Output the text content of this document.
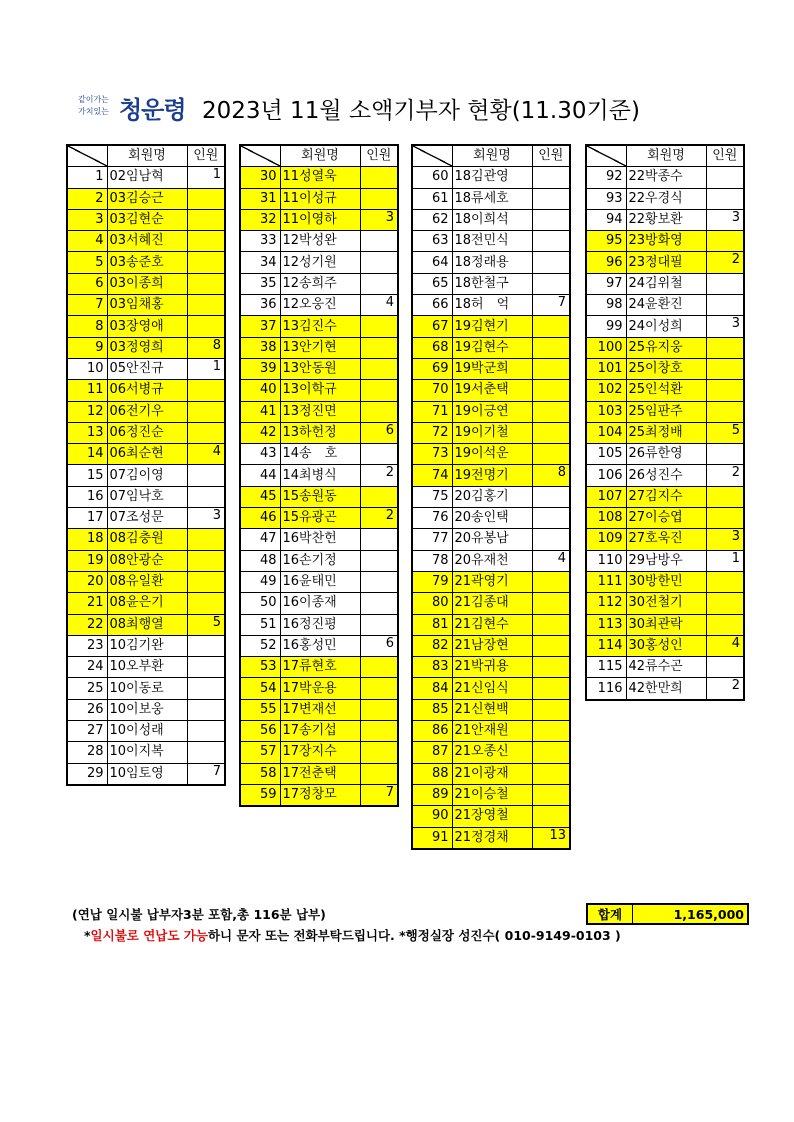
같이가는
가치있는 청운령 2023년 11월 소액기부자 현황(11.30기준)
	회원명	인원
1	02임남혁	1
2	03김승근	
3	03김현순	
4	03서혜진	
5	03송준호	
6	03이종희	
7	03임채홍	
8	03장영애	
9	03정영희	8
10	05안진규	1
11	06서병규	
12	06전기우	
13	06정진순	
14	06최순현	4
15	07김이영	
16	07임낙호	
17	07조성문	3
18	08김충원	
19	08안광순	
20	08유일환	
21	08윤은기	
22	08최행열	5
23	10김기완	
24	10오부환	
25	10이동로	
26	10이보웅	
27	10이성래	
28	10이지복	
29	10임토영	7
	회원명	인원
30	11성열욱	
31	11이성규	
32	11이영하	3
33	12박성완	
34	12성기원	
35	12송희주	
36	12오웅진	4
37	13김진수	
38	13안기현	
39	13안동원	
40	13이학규	
41	13정진면	
42	13하헌정	6
43	14송　호	
44	14최병식	2
45	15송원동	
46	15유광곤	2
47	16박찬헌	
48	16손기정	
49	16윤태민	
50	16이종재	
51	16정진평	
52	16홍성민	6
53	17류현호	
54	17박운용	
55	17변재선	
56	17송기섭	
57	17장지수	
58	17전춘택	
59	17정창모	7
	회원명	인원
60	18김관영	
61	18류세호	
62	18이희석	
63	18전민식	
64	18정래용	
65	18한철구	
66	18허　억	7
67	19김현기	
68	19김현수	
69	19박군희	
70	19서춘택	
71	19이긍연	
72	19이기철	
73	19이석운	
74	19전명기	8
75	20김홍기	
76	20송인택	
77	20유봉남	
78	20유재천	4
79	21곽영기	
80	21김종대	
81	21김현수	
82	21남장현	
83	21박귀용	
84	21신임식	
85	21신현백	
86	21안재원	
87	21오종신	
88	21이광재	
89	21이승철	
90	21장영철	
91	21정경채	13
	회원명	인원
92	22박종수	
93	22우경식	
94	22황보환	3
95	23방화영	
96	23정대필	2
97	24김위철	
98	24윤환진	
99	24이성희	3
100	25유지웅	
101	25이창호	
102	25인석환	
103	25임판주	
104	25최정배	5
105	26류한영	
106	26성진수	2
107	27김지수	
108	27이승엽	
109	27호욱진	3
110	29남방우	1
111	30방한민	
112	30전철기	
113	30최관락	
114	30홍성인	4
115	42류수곤	
116	42한만희	2
(연납 일시불 납부자3분 포함,총 116분 납부)
*일시불로 연납도 가능하니 문자 또는 전화부탁드립니다. *행정실장 성진수( 010-9149-0103 )
합계	1,165,000
